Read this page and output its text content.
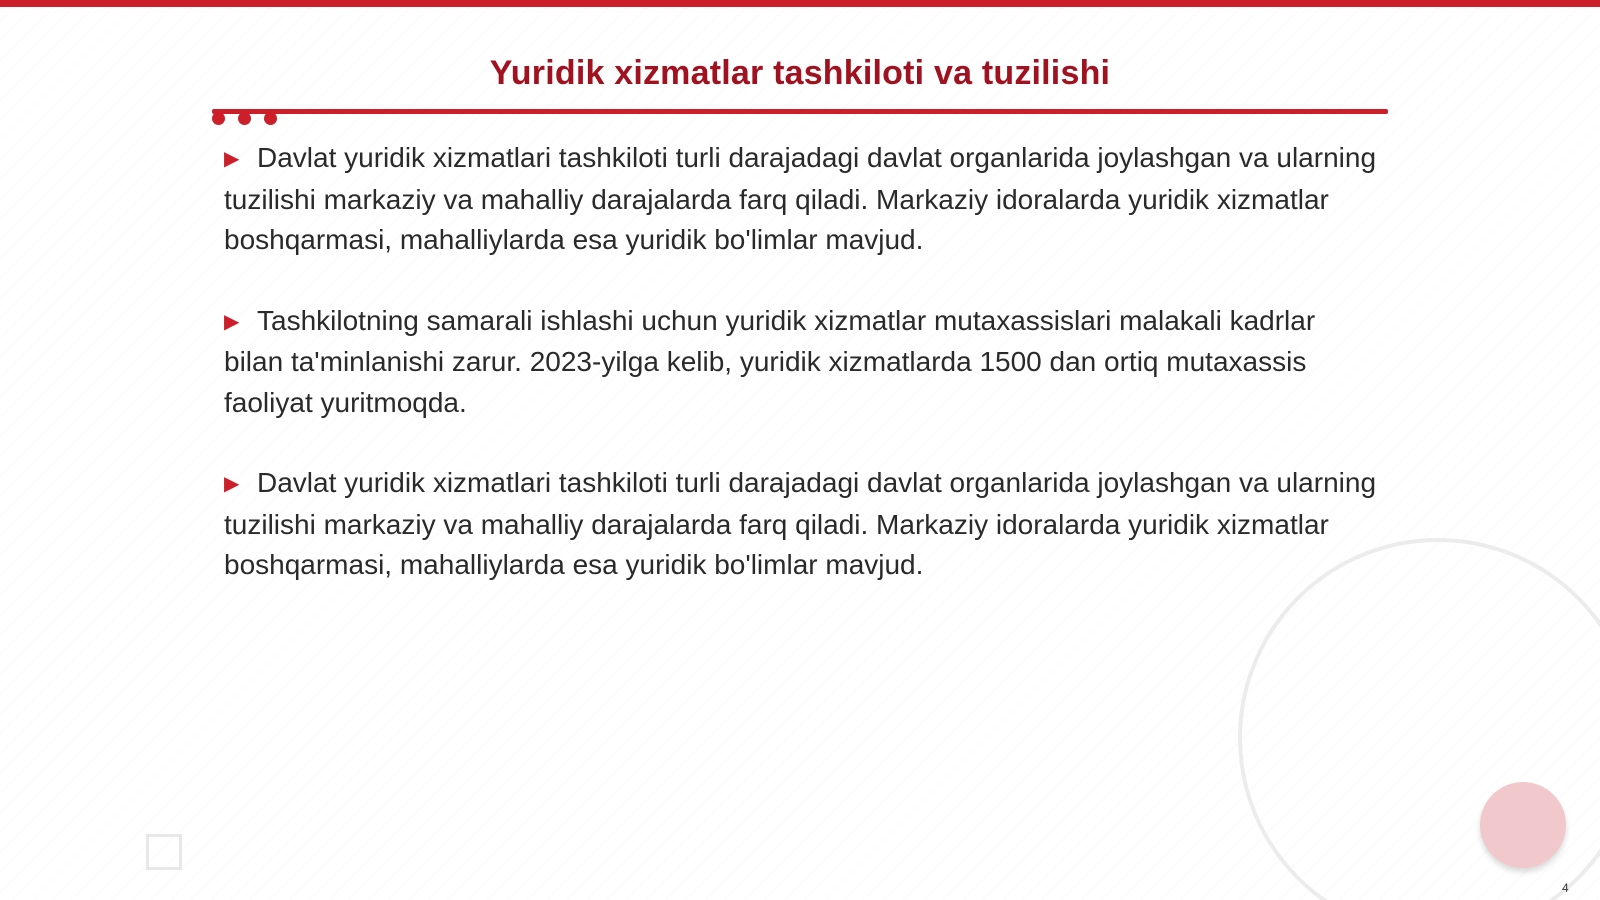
Yuridik xizmatlar tashkiloti va tuzilishi

▶ Davlat yuridik xizmatlari tashkiloti turli darajadagi davlat organlarida joylashgan va ularning tuzilishi markaziy va mahalliy darajalarda farq qiladi. Markaziy idoralarda yuridik xizmatlar boshqarmasi, mahalliylarda esa yuridik bo'limlar mavjud.

▶ Tashkilotning samarali ishlashi uchun yuridik xizmatlar mutaxassislari malakali kadrlar bilan ta'minlanishi zarur. 2023-yilga kelib, yuridik xizmatlarda 1500 dan ortiq mutaxassis faoliyat yuritmoqda.

▶ Davlat yuridik xizmatlari tashkiloti turli darajadagi davlat organlarida joylashgan va ularning tuzilishi markaziy va mahalliy darajalarda farq qiladi. Markaziy idoralarda yuridik xizmatlar boshqarmasi, mahalliylarda esa yuridik bo'limlar mavjud.

4
